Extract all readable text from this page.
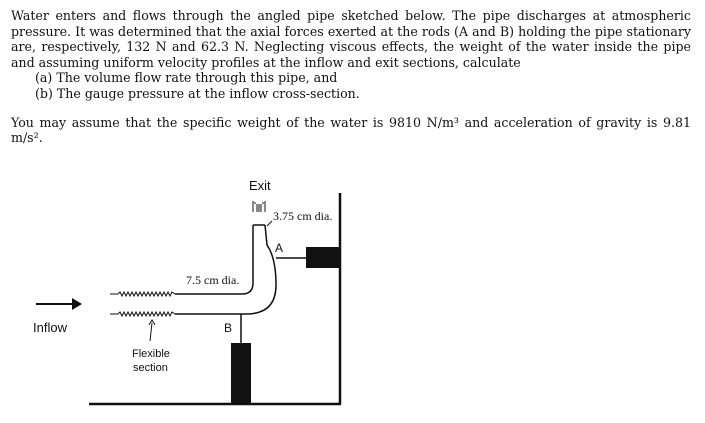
Water enters and flows through the angled pipe sketched below. The pipe discharges at atmospheric pressure. It was determined that the axial forces exerted at the rods (A and B) holding the pipe stationary are, respectively, 132 N and 62.3 N. Neglecting viscous effects, the weight of the water inside the pipe and assuming uniform velocity profiles at the inflow and exit sections, calculate

(a) The volume flow rate through this pipe, and

(b) The gauge pressure at the inflow cross-section.

You may assume that the specific weight of the water is 9810 N/m³ and acceleration of gravity is 9.81 m/s².

Exit
3.75 cm dia.
A
7.5 cm dia.
B
Inflow
Flexible
section
